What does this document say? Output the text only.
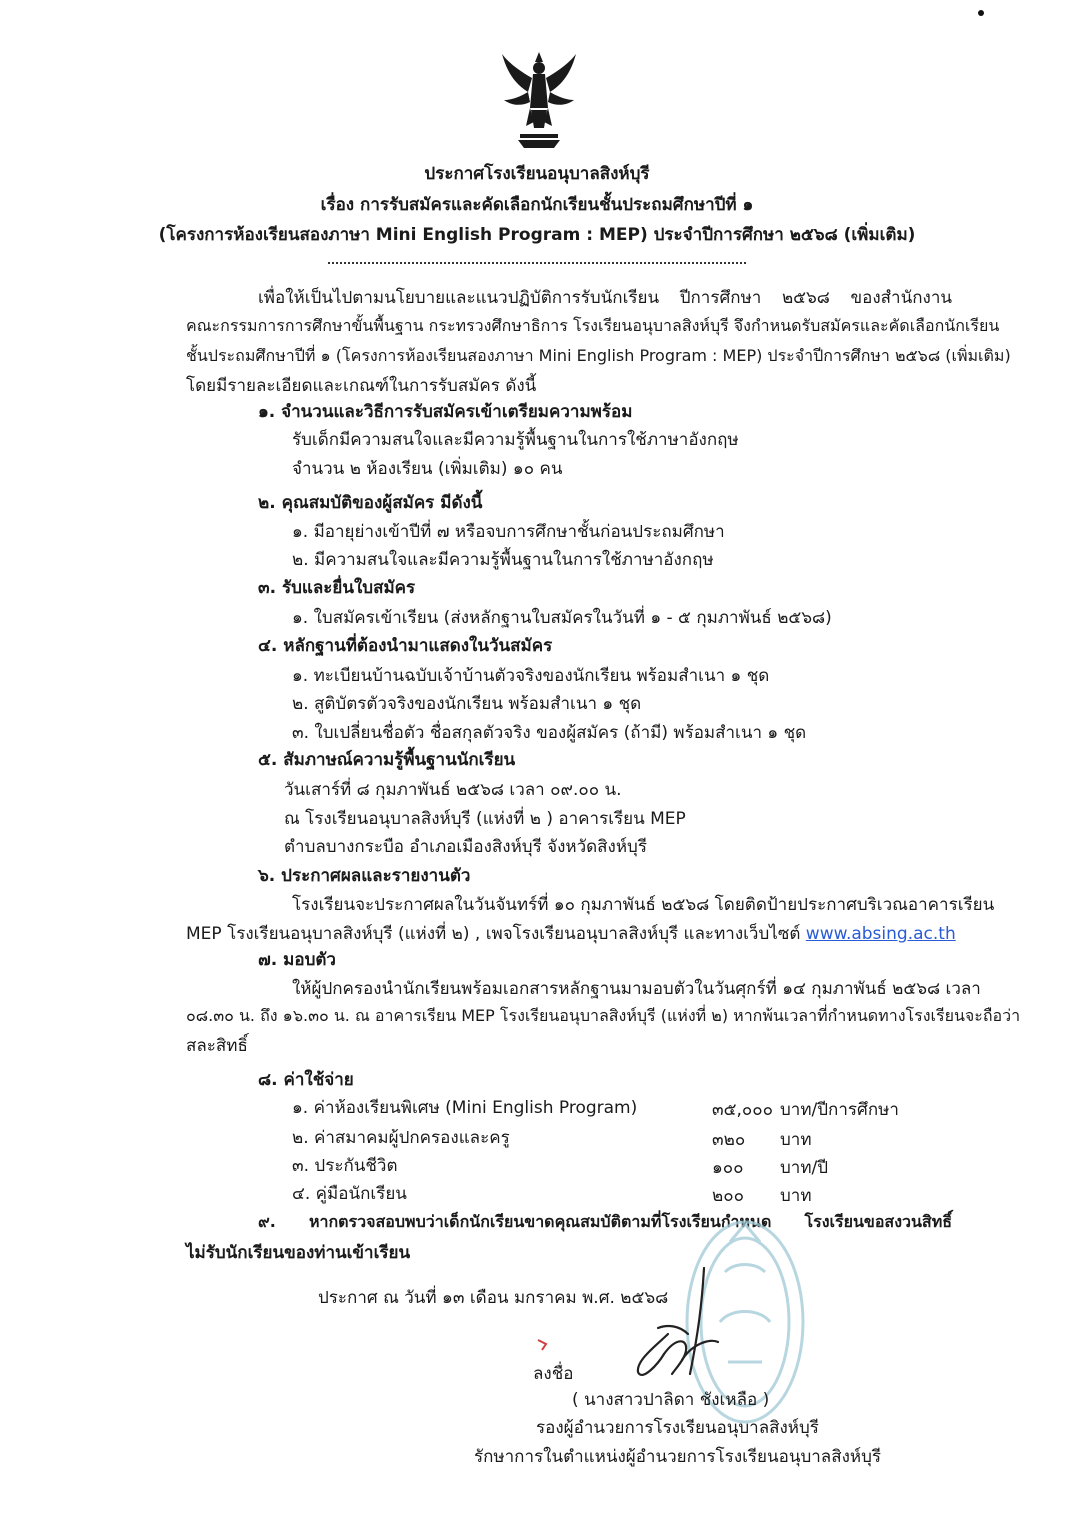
ประกาศโรงเรียนอนุบาลสิงห์บุรี
เรื่อง การรับสมัครและคัดเลือกนักเรียนชั้นประถมศึกษาปีที่ ๑
(โครงการห้องเรียนสองภาษา Mini English Program : MEP) ประจำปีการศึกษา ๒๕๖๘ (เพิ่มเติม)
เพื่อให้เป็นไปตามนโยบายและแนวปฏิบัติการรับนักเรียน ปีการศึกษา ๒๕๖๘ ของสำนักงาน
คณะกรรมการการศึกษาขั้นพื้นฐาน กระทรวงศึกษาธิการ โรงเรียนอนุบาลสิงห์บุรี จึงกำหนดรับสมัครและคัดเลือกนักเรียน
ชั้นประถมศึกษาปีที่ ๑ (โครงการห้องเรียนสองภาษา Mini English Program : MEP) ประจำปีการศึกษา ๒๕๖๘ (เพิ่มเติม)
โดยมีรายละเอียดและเกณฑ์ในการรับสมัคร ดังนี้
๑. จำนวนและวิธีการรับสมัครเข้าเตรียมความพร้อม
รับเด็กมีความสนใจและมีความรู้พื้นฐานในการใช้ภาษาอังกฤษ
จำนวน ๒ ห้องเรียน (เพิ่มเติม) ๑๐ คน
๒. คุณสมบัติของผู้สมัคร มีดังนี้
๑. มีอายุย่างเข้าปีที่ ๗ หรือจบการศึกษาชั้นก่อนประถมศึกษา
๒. มีความสนใจและมีความรู้พื้นฐานในการใช้ภาษาอังกฤษ
๓. รับและยื่นใบสมัคร
๑. ใบสมัครเข้าเรียน (ส่งหลักฐานใบสมัครในวันที่ ๑ - ๕ กุมภาพันธ์ ๒๕๖๘)
๔. หลักฐานที่ต้องนำมาแสดงในวันสมัคร
๑. ทะเบียนบ้านฉบับเจ้าบ้านตัวจริงของนักเรียน พร้อมสำเนา ๑ ชุด
๒. สูติบัตรตัวจริงของนักเรียน พร้อมสำเนา ๑ ชุด
๓. ใบเปลี่ยนชื่อตัว ชื่อสกุลตัวจริง ของผู้สมัคร (ถ้ามี) พร้อมสำเนา ๑ ชุด
๕. สัมภาษณ์ความรู้พื้นฐานนักเรียน
วันเสาร์ที่ ๘ กุมภาพันธ์ ๒๕๖๘ เวลา ๐๙.๐๐ น.
ณ โรงเรียนอนุบาลสิงห์บุรี (แห่งที่ ๒ ) อาคารเรียน MEP
ตำบลบางกระบือ อำเภอเมืองสิงห์บุรี จังหวัดสิงห์บุรี
๖. ประกาศผลและรายงานตัว
โรงเรียนจะประกาศผลในวันจันทร์ที่ ๑๐ กุมภาพันธ์ ๒๕๖๘ โดยติดป้ายประกาศบริเวณอาคารเรียน
MEP โรงเรียนอนุบาลสิงห์บุรี (แห่งที่ ๒) , เพจโรงเรียนอนุบาลสิงห์บุรี และทางเว็บไซต์ www.absing.ac.th
๗. มอบตัว
ให้ผู้ปกครองนำนักเรียนพร้อมเอกสารหลักฐานมามอบตัวในวันศุกร์ที่ ๑๔ กุมภาพันธ์ ๒๕๖๘ เวลา
๐๘.๓๐ น. ถึง ๑๖.๓๐ น. ณ อาคารเรียน MEP โรงเรียนอนุบาลสิงห์บุรี (แห่งที่ ๒) หากพ้นเวลาที่กำหนดทางโรงเรียนจะถือว่า
สละสิทธิ์
๘. ค่าใช้จ่าย
๑. ค่าห้องเรียนพิเศษ (Mini English Program)	๓๕,๐๐๐ บาท/ปีการศึกษา
๒. ค่าสมาคมผู้ปกครองและครู	๓๒๐ บาท
๓. ประกันชีวิต	๑๐๐ บาท/ปี
๔. คู่มือนักเรียน	๒๐๐ บาท
๙. หากตรวจสอบพบว่าเด็กนักเรียนขาดคุณสมบัติตามที่โรงเรียนกำหนด โรงเรียนขอสงวนสิทธิ์
ไม่รับนักเรียนของท่านเข้าเรียน
ประกาศ ณ วันที่ ๑๓ เดือน มกราคม พ.ศ. ๒๕๖๘
ลงชื่อ
( นางสาวปาลิดา ชังเหลือ )
รองผู้อำนวยการโรงเรียนอนุบาลสิงห์บุรี
รักษาการในตำแหน่งผู้อำนวยการโรงเรียนอนุบาลสิงห์บุรี
